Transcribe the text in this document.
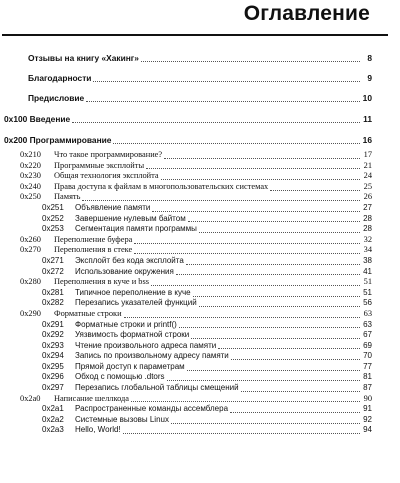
Оглавление
Отзывы на книгу «Хакинг»	8
Благодарности	9
Предисловие	10
0x100 Введение	11
0x200 Программирование	16
0x210 Что такое программирование?	17
0x220 Программные эксплойты	21
0x230 Общая технология эксплойта	24
0x240 Права доступа к файлам в многопользовательских системах	25
0x250 Память	26
0x251 Объявление памяти	27
0x252 Завершение нулевым байтом	28
0x253 Сегментация памяти программы	28
0x260 Переполнение буфера	32
0x270 Переполнения в стеке	34
0x271 Эксплойт без кода эксплойта	38
0x272 Использование окружения	41
0x280 Переполнения в куче и bss	51
0x281 Типичное переполнение в куче	51
0x282 Перезапись указателей функций	56
0x290 Форматные строки	63
0x291 Форматные строки и printf()	63
0x292 Уязвимость форматной строки	67
0x293 Чтение произвольного адреса памяти	69
0x294 Запись по произвольному адресу памяти	70
0x295 Прямой доступ к параметрам	77
0x296 Обход с помощью .dtors	81
0x297 Перезапись глобальной таблицы смещений	87
0x2a0 Написание шеллкода	90
0x2a1 Распространенные команды ассемблера	91
0x2a2 Системные вызовы Linux	92
0x2a3 Hello, World!	94
